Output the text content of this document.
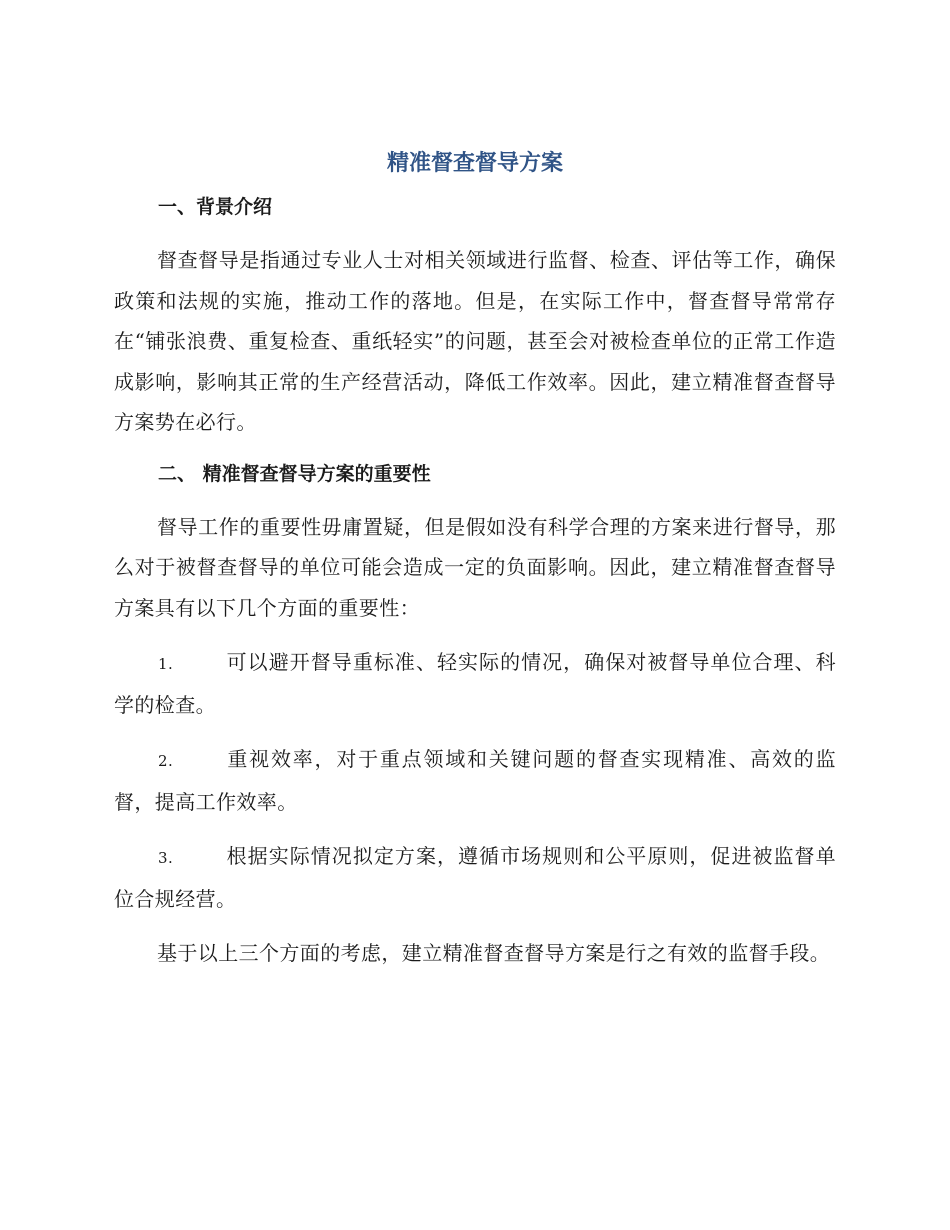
精准督查督导方案
一、背景介绍

督查督导是指通过专业人士对相关领域进行监督、检查、评估等工作，确保政策和法规的实施，推动工作的落地。但是，在实际工作中，督查督导常常存在“铺张浪费、重复检查、重纸轻实”的问题，甚至会对被检查单位的正常工作造成影响，影响其正常的生产经营活动，降低工作效率。因此，建立精准督查督导方案势在必行。

二、 精准督查督导方案的重要性

督导工作的重要性毋庸置疑，但是假如没有科学合理的方案来进行督导，那么对于被督查督导的单位可能会造成一定的负面影响。因此，建立精准督查督导方案具有以下几个方面的重要性：

1.	可以避开督导重标准、轻实际的情况，确保对被督导单位合理、科学的检查。

2.	重视效率，对于重点领域和关键问题的督查实现精准、高效的监督，提高工作效率。

3.	根据实际情况拟定方案，遵循市场规则和公平原则，促进被监督单位合规经营。

基于以上三个方面的考虑，建立精准督查督导方案是行之有效的监督手段。
